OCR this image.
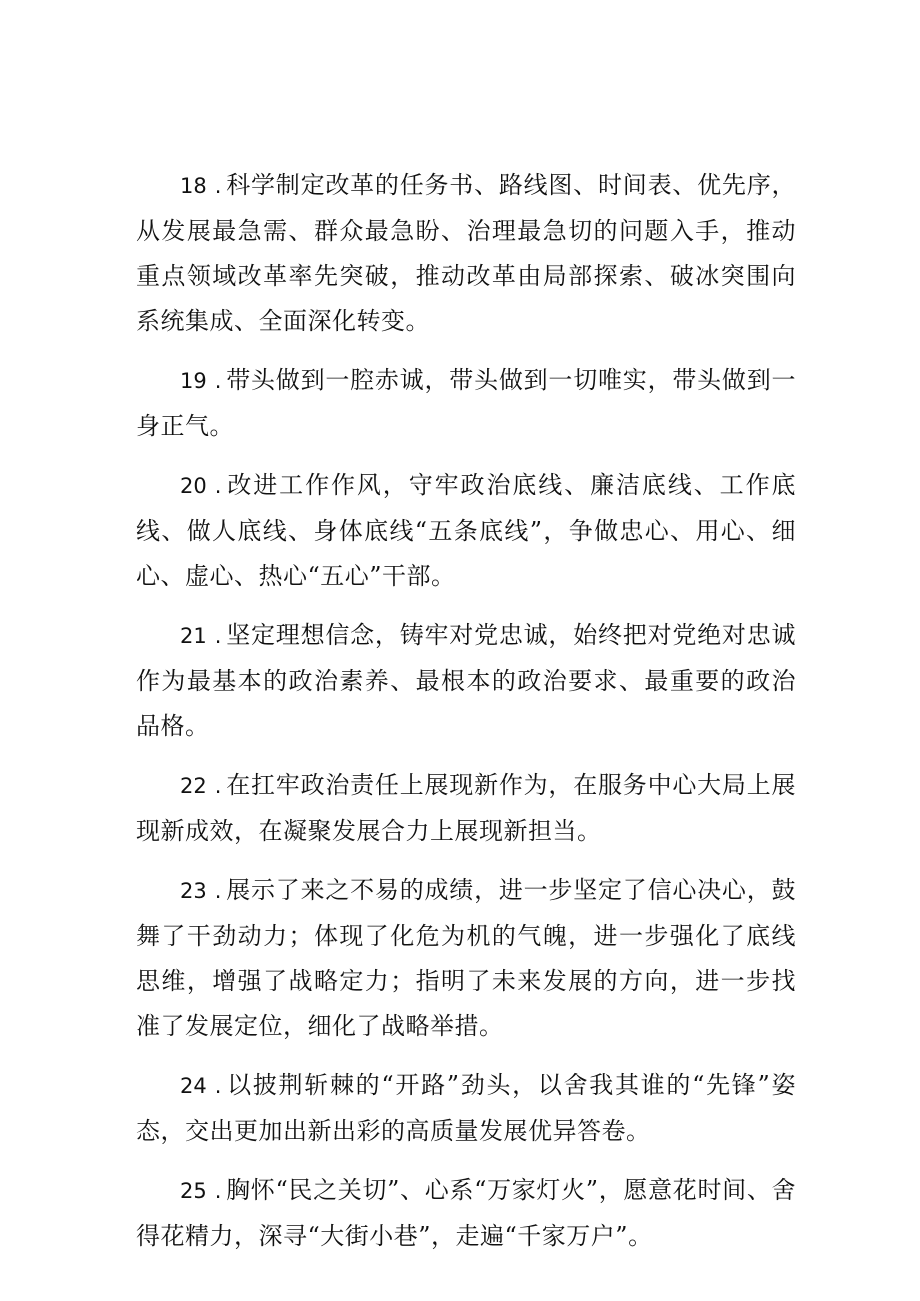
18 . 科学制定改革的任务书、路线图、时间表、优先序，从发展最急需、群众最急盼、治理最急切的问题入手，推动重点领域改革率先突破，推动改革由局部探索、破冰突围向系统集成、全面深化转变。

19 . 带头做到一腔赤诚，带头做到一切唯实，带头做到一身正气。

20 . 改进工作作风，守牢政治底线、廉洁底线、工作底线、做人底线、身体底线“五条底线”，争做忠心、用心、细心、虚心、热心“五心”干部。

21 . 坚定理想信念，铸牢对党忠诚，始终把对党绝对忠诚作为最基本的政治素养、最根本的政治要求、最重要的政治品格。

22 . 在扛牢政治责任上展现新作为，在服务中心大局上展现新成效，在凝聚发展合力上展现新担当。

23 . 展示了来之不易的成绩，进一步坚定了信心决心，鼓舞了干劲动力；体现了化危为机的气魄，进一步强化了底线思维，增强了战略定力；指明了未来发展的方向，进一步找准了发展定位，细化了战略举措。

24 . 以披荆斩棘的“开路”劲头，以舍我其谁的“先锋”姿态，交出更加出新出彩的高质量发展优异答卷。

25 . 胸怀“民之关切”、心系“万家灯火”，愿意花时间、舍得花精力，深寻“大街小巷”，走遍“千家万户”。
